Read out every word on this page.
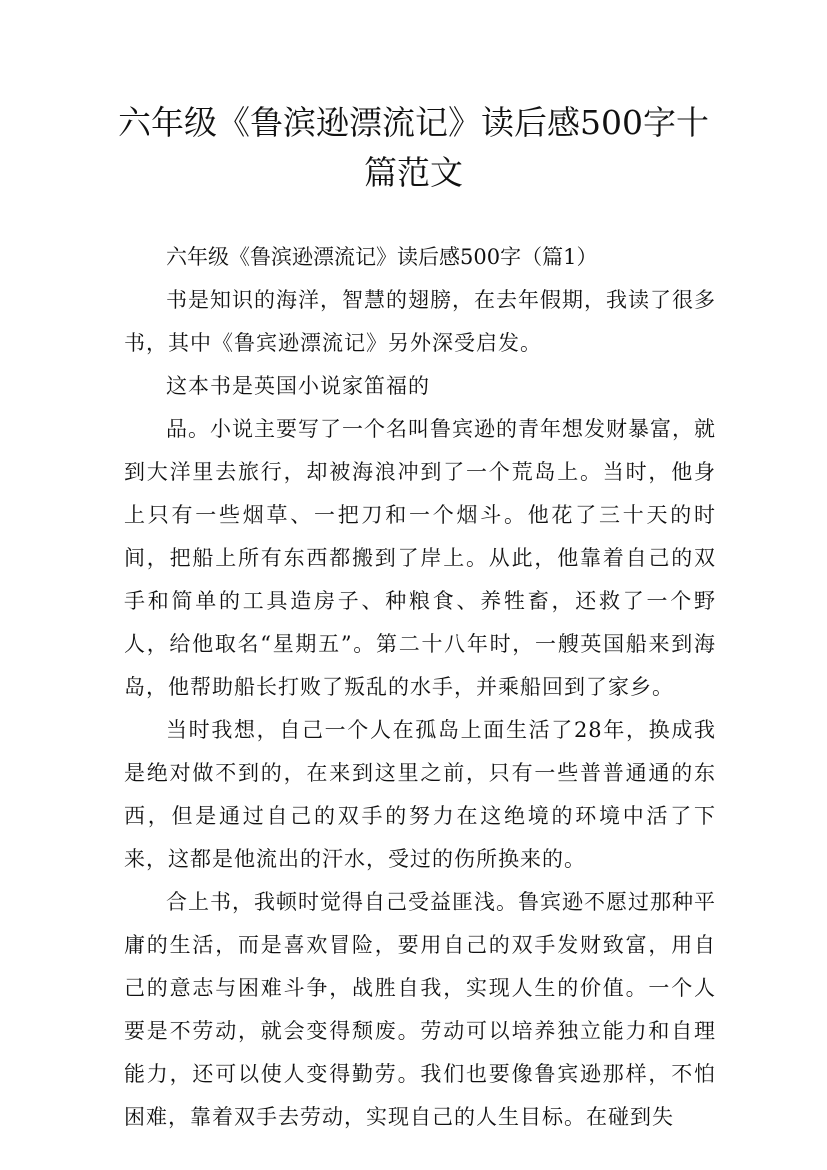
六年级《鲁滨逊漂流记》读后感500字十篇范文

六年级《鲁滨逊漂流记》读后感500字（篇1）

书是知识的海洋，智慧的翅膀，在去年假期，我读了很多书，其中《鲁宾逊漂流记》另外深受启发。

这本书是英国小说家笛福的

品。小说主要写了一个名叫鲁宾逊的青年想发财暴富，就到大洋里去旅行，却被海浪冲到了一个荒岛上。当时，他身上只有一些烟草、一把刀和一个烟斗。他花了三十天的时间，把船上所有东西都搬到了岸上。从此，他靠着自己的双手和简单的工具造房子、种粮食、养牲畜，还救了一个野人，给他取名“星期五”。第二十八年时，一艘英国船来到海岛，他帮助船长打败了叛乱的水手，并乘船回到了家乡。

当时我想，自己一个人在孤岛上面生活了28年，换成我是绝对做不到的，在来到这里之前，只有一些普普通通的东西，但是通过自己的双手的努力在这绝境的环境中活了下来，这都是他流出的汗水，受过的伤所换来的。

合上书，我顿时觉得自己受益匪浅。鲁宾逊不愿过那种平庸的生活，而是喜欢冒险，要用自己的双手发财致富，用自己的意志与困难斗争，战胜自我，实现人生的价值。一个人要是不劳动，就会变得颓废。劳动可以培养独立能力和自理能力，还可以使人变得勤劳。我们也要像鲁宾逊那样，不怕困难，靠着双手去劳动，实现自己的人生目标。在碰到失
